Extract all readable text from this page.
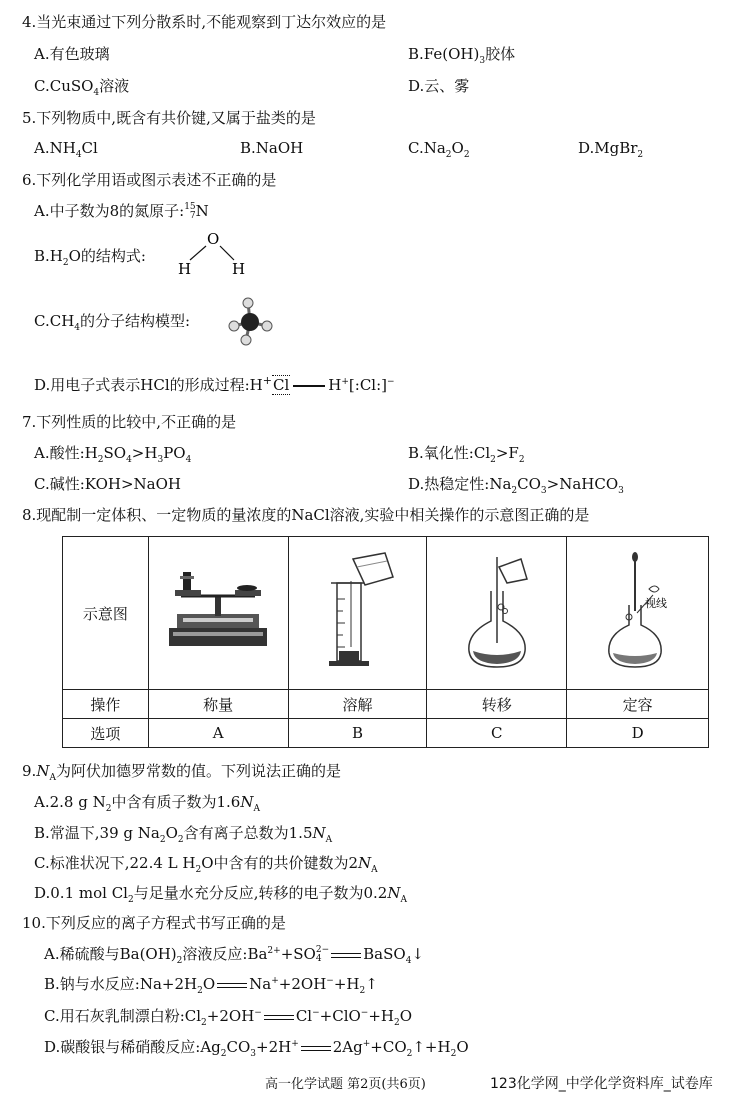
4.当光束通过下列分散系时,不能观察到丁达尔效应的是
A.有色玻璃	$B.Fe(OH)_3$胶体
C.CuSO$_4$溶液	D.云、雾
5.下列物质中,既含有共价键,又属于盐类的是
$A.NH_4Cl$	B.NaOH	$C.Na_2O_2$	D.MgBr$_2$
6.下列化学用语或图示表述不正确的是
A.中子数为8的氮原子:15
7N
$B.H_2O$的结构式:
O
H	H
$C.CH_4$的分子结构模型:
D.用电子式表示HCl的形成过程:H+Cl	H+[:Cl:]−
7.下列性质的比较中,不正确的是
A.酸性$:H_2SO_4>H_3PO_4$	B.氧化性$:Cl_2>F_2$
C.碱性:KOH>NaOH	D.热稳定性$:Na_2CO_3>NaHCO_3$
8.现配制一定体积、一定物质的量浓度的NaCl溶液,实验中相关操作的示意图正确的是
示意图				视线

操作	称量	溶解	转移	定容
选项	A	B	C	D
$9.N_A$为阿伏加德罗常数的值。下列说法正确的是
A.2.8 g $N_2$中含有质子数为$1.6N_A$
B.常温下,39 g $Na_2O_2$含有离子总数为$1.5N_A$
C.标准状况下,22.4 L $H_2O$中含有的共价键数为$2N_A$
D.0.1 mol $Cl_2$与足量水充分反应,转移的电子数为$0.2N_A$
10.下列反应的离子方程式书写正确的是
A.稀硫酸与$Ba(OH)_2$溶液反应$:Ba^{2+}+SO2-$
4	BaSO$_4$↓
B.钠与水反应$:Na+2H_2O$ $Na^++2OH^-+H_2↑$
C.用石灰乳制漂白粉$:Cl_2+2OH^-$ $Cl^-+ClO^-+H_2O$
D.碳酸银与稀硝酸反应$:Ag_2CO_3+2H^+$ $2Ag^++CO_2↑+H_2O$
高一化学试题 第2页(共6页)	123化学网_中学化学资料库_试卷库
